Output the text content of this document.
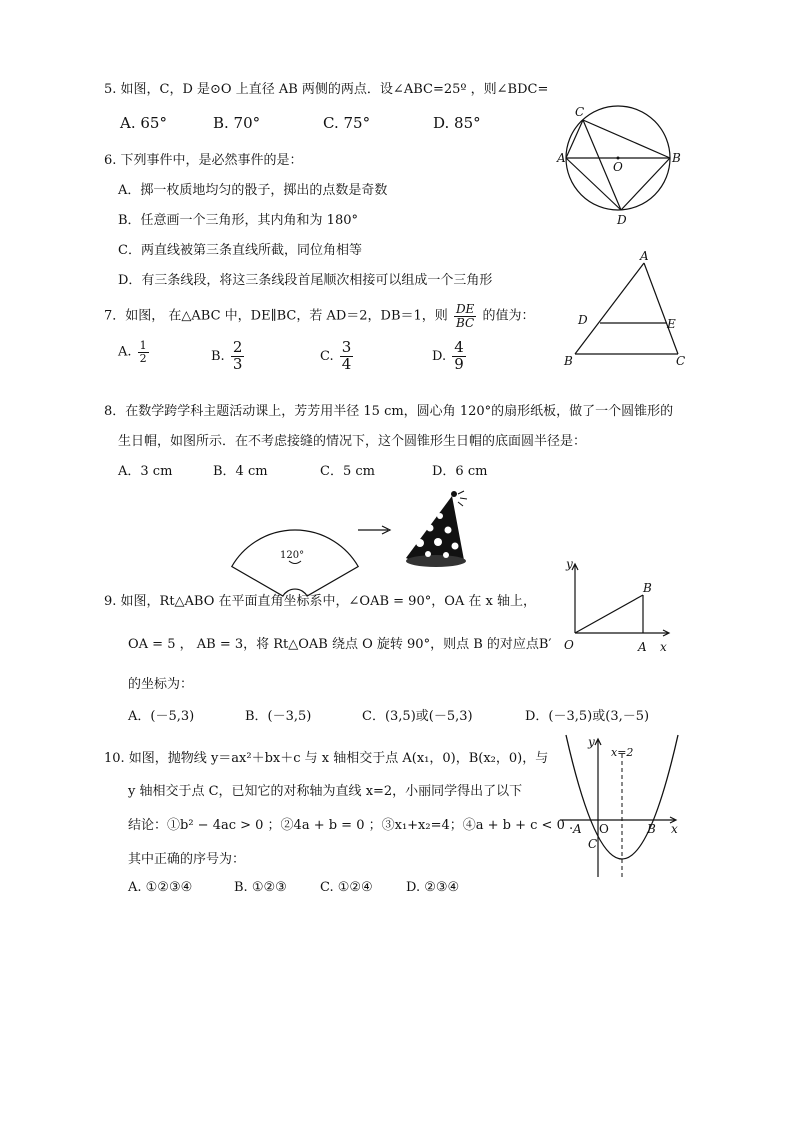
5. 如图，C，D 是⊙O 上直径 AB 两侧的两点．设∠ABC=25º ，则∠BDC=
A. 65°	B. 70°	C. 75°	D. 85°
C
A	B
O
D
6. 下列事件中，是必然事件的是：
A．掷一枚质地均匀的骰子，掷出的点数是奇数
B．任意画一个三角形，其内角和为 180°
C．两直线被第三条直线所截，同位角相等
D．有三条线段，将这三条线段首尾顺次相接可以组成一个三角形
7．如图， 在△ABC 中，DE∥BC，若 AD＝2，DB＝1，则 $\frac{DE}{BC}$ 的值为：
A. $\frac{1}{2}$	B. $\frac{2}{3}$	C. $\frac{3}{4}$	D. $\frac{4}{9}$
A
D	E
B	C
8．在数学跨学科主题活动课上，芳芳用半径 15 cm，圆心角 120°的扇形纸板，做了一个圆锥形的
生日帽，如图所示．在不考虑接缝的情况下，这个圆锥形生日帽的底面圆半径是：
A．3 cm	B．4 cm	C．5 cm	D．6 cm
120°
9. 如图，Rt△ABO 在平面直角坐标系中，∠OAB = 90°，OA 在 x 轴上，
OA = 5 ， AB = 3，将 Rt△OAB 绕点 O 旋转 90°，则点 B 的对应点B′
的坐标为：
A．(－5,3)	B．(－3,5)	C．(3,5)或(－5,3)	D．(－3,5)或(3,－5)
y
O	A
B
x
10. 如图，抛物线 y＝ax²＋bx＋c 与 x 轴相交于点 A(x₁，0)，B(x₂，0)，与
y 轴相交于点 C，已知它的对称轴为直线 x=2，小丽同学得出了以下
结论：①b² − 4ac > 0 ；②4a + b = 0 ；③x₁+x₂=4；④a + b + c < 0 .
其中正确的序号为：
A. ①②③④	B. ①②③	C. ①②④	D. ②③④
y
x=2
A O	B
C
x
